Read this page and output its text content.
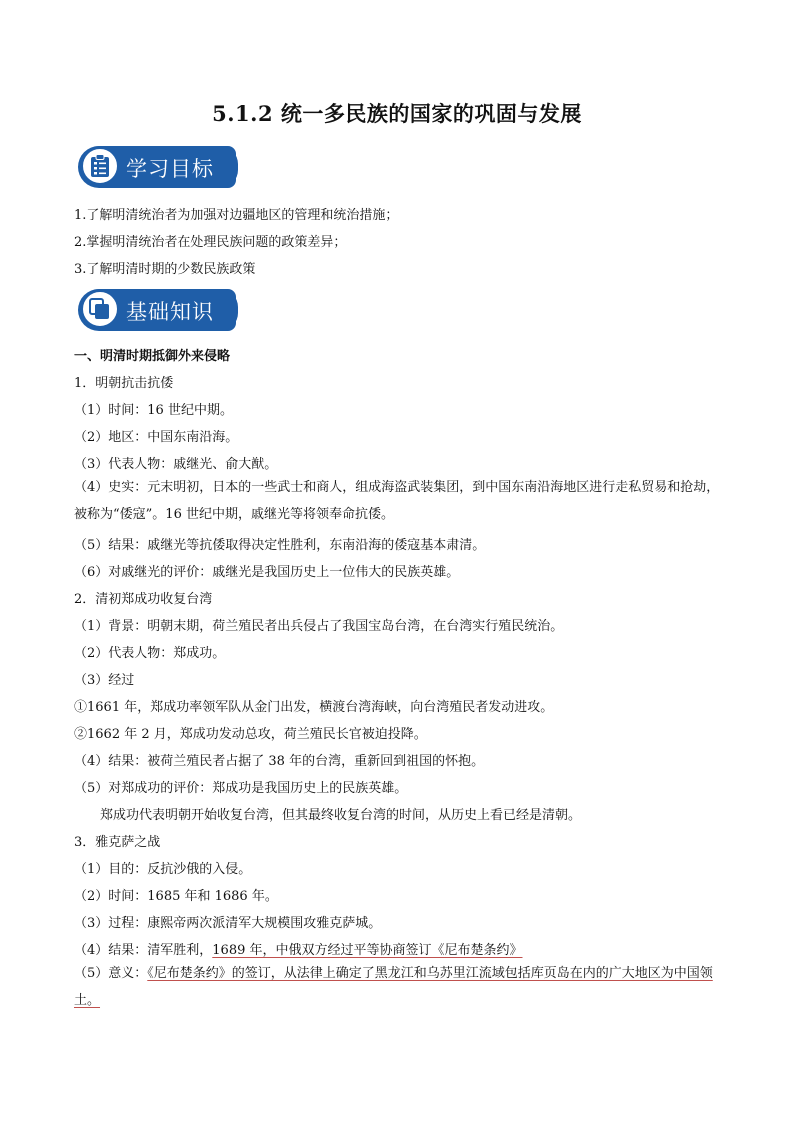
5.1.2 统一多民族的国家的巩固与发展
学习目标
1.了解明清统治者为加强对边疆地区的管理和统治措施；
2.掌握明清统治者在处理民族问题的政策差异；
3.了解明清时期的少数民族政策
基础知识
一、明清时期抵御外来侵略
1．明朝抗击抗倭
（1）时间：16 世纪中期。
（2）地区：中国东南沿海。
（3）代表人物：戚继光、俞大猷。
（4）史实：元末明初，日本的一些武士和商人，组成海盗武装集团，到中国东南沿海地区进行走私贸易和抢劫，被称为“倭寇”。16 世纪中期，戚继光等将领奉命抗倭。
（5）结果：戚继光等抗倭取得决定性胜利，东南沿海的倭寇基本肃清。
（6）对戚继光的评价：戚继光是我国历史上一位伟大的民族英雄。
2．清初郑成功收复台湾
（1）背景：明朝末期，荷兰殖民者出兵侵占了我国宝岛台湾，在台湾实行殖民统治。
（2）代表人物：郑成功。
（3）经过
①1661 年，郑成功率领军队从金门出发，横渡台湾海峡，向台湾殖民者发动进攻。
②1662 年 2 月，郑成功发动总攻，荷兰殖民长官被迫投降。
（4）结果：被荷兰殖民者占据了 38 年的台湾，重新回到祖国的怀抱。
（5）对郑成功的评价：郑成功是我国历史上的民族英雄。
郑成功代表明朝开始收复台湾，但其最终收复台湾的时间，从历史上看已经是清朝。
3．雅克萨之战
（1）目的：反抗沙俄的入侵。
（2）时间：1685 年和 1686 年。
（3）过程：康熙帝两次派清军大规模围攻雅克萨城。
（4）结果：清军胜利，1689 年，中俄双方经过平等协商签订《尼布楚条约》
（5）意义：《尼布楚条约》的签订，从法律上确定了黑龙江和乌苏里江流域包括库页岛在内的广大地区为中国领土。
